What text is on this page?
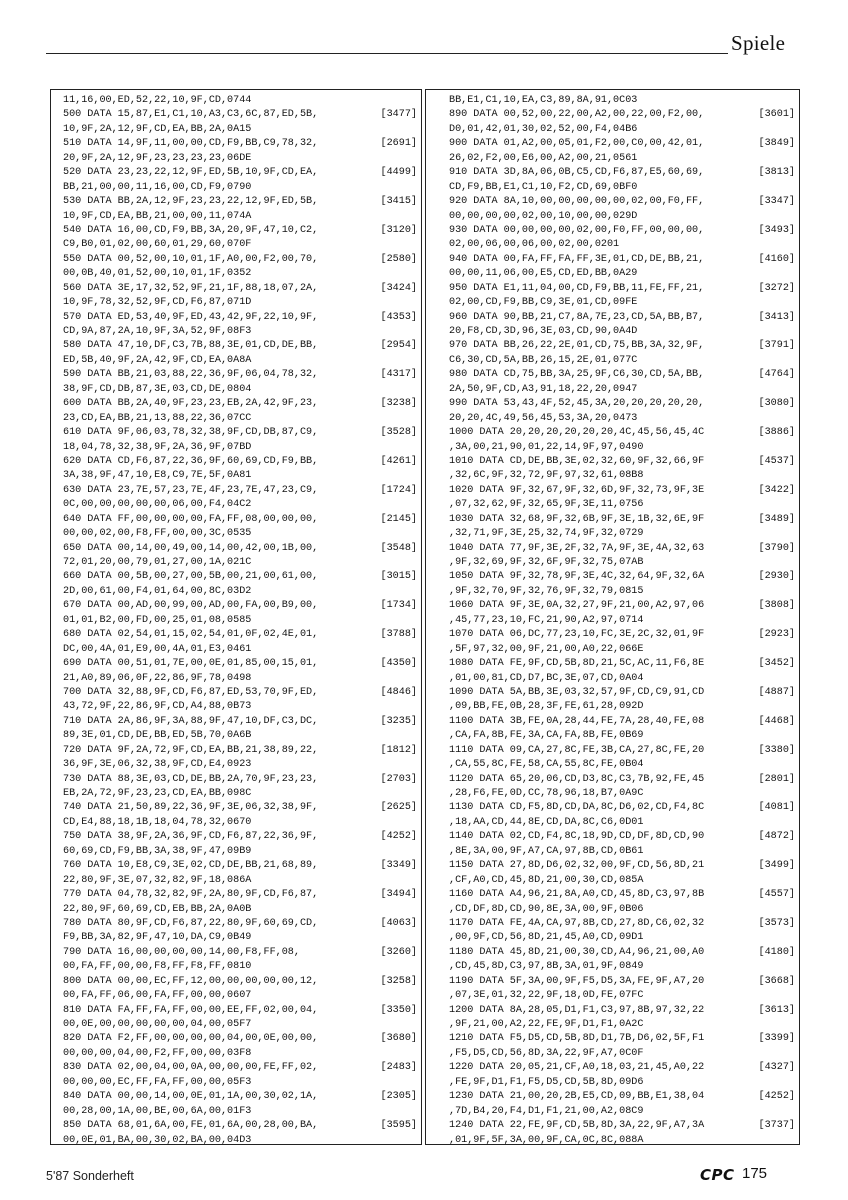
Spiele
11,16,00,ED,52,22,10,9F,CD,0744
500 DATA 15,87,E1,C1,10,A3,C3,6C,87,ED,5B,	[3477]
10,9F,2A,12,9F,CD,EA,BB,2A,0A15
510 DATA 14,9F,11,00,00,CD,F9,BB,C9,78,32,	[2691]
20,9F,2A,12,9F,23,23,23,23,06DE
520 DATA 23,23,22,12,9F,ED,5B,10,9F,CD,EA,	[4499]
BB,21,00,00,11,16,00,CD,F9,0790
530 DATA BB,2A,12,9F,23,23,22,12,9F,ED,5B,	[3415]
10,9F,CD,EA,BB,21,00,00,11,074A
540 DATA 16,00,CD,F9,BB,3A,20,9F,47,10,C2,	[3120]
C9,B0,01,02,00,60,01,29,60,070F
550 DATA 00,52,00,10,01,1F,A0,00,F2,00,70,	[2580]
00,0B,40,01,52,00,10,01,1F,0352
560 DATA 3E,17,32,52,9F,21,1F,88,18,07,2A,	[3424]
10,9F,78,32,52,9F,CD,F6,87,071D
570 DATA ED,53,40,9F,ED,43,42,9F,22,10,9F,	[4353]
CD,9A,87,2A,10,9F,3A,52,9F,08F3
580 DATA 47,10,DF,C3,7B,88,3E,01,CD,DE,BB,	[2954]
ED,5B,40,9F,2A,42,9F,CD,EA,0A8A
590 DATA BB,21,03,88,22,36,9F,06,04,78,32,	[4317]
38,9F,CD,DB,87,3E,03,CD,DE,0804
600 DATA BB,2A,40,9F,23,23,EB,2A,42,9F,23,	[3238]
23,CD,EA,BB,21,13,88,22,36,07CC
610 DATA 9F,06,03,78,32,38,9F,CD,DB,87,C9,	[3528]
18,04,78,32,38,9F,2A,36,9F,07BD
620 DATA CD,F6,87,22,36,9F,60,69,CD,F9,BB,	[4261]
3A,38,9F,47,10,E8,C9,7E,5F,0A81
630 DATA 23,7E,57,23,7E,4F,23,7E,47,23,C9,	[1724]
0C,00,00,00,00,00,06,00,F4,04C2
640 DATA FF,00,00,00,00,FA,FF,08,00,00,00,	[2145]
00,00,02,00,F8,FF,00,00,3C,0535
650 DATA 00,14,00,49,00,14,00,42,00,1B,00,	[3548]
72,01,20,00,79,01,27,00,1A,021C
660 DATA 00,5B,00,27,00,5B,00,21,00,61,00,	[3015]
2D,00,61,00,F4,01,64,00,8C,03D2
670 DATA 00,AD,00,99,00,AD,00,FA,00,B9,00,	[1734]
01,01,B2,00,FD,00,25,01,08,0585
680 DATA 02,54,01,15,02,54,01,0F,02,4E,01,	[3788]
DC,00,4A,01,E9,00,4A,01,E3,0461
690 DATA 00,51,01,7E,00,0E,01,85,00,15,01,	[4350]
21,A0,89,06,0F,22,86,9F,78,0498
700 DATA 32,88,9F,CD,F6,87,ED,53,70,9F,ED,	[4846]
43,72,9F,22,86,9F,CD,A4,88,0B73
710 DATA 2A,86,9F,3A,88,9F,47,10,DF,C3,DC,	[3235]
89,3E,01,CD,DE,BB,ED,5B,70,0A6B
720 DATA 9F,2A,72,9F,CD,EA,BB,21,38,89,22,	[1812]
36,9F,3E,06,32,38,9F,CD,E4,0923
730 DATA 88,3E,03,CD,DE,BB,2A,70,9F,23,23,	[2703]
EB,2A,72,9F,23,23,CD,EA,BB,098C
740 DATA 21,50,89,22,36,9F,3E,06,32,38,9F,	[2625]
CD,E4,88,18,1B,18,04,78,32,0670
750 DATA 38,9F,2A,36,9F,CD,F6,87,22,36,9F,	[4252]
60,69,CD,F9,BB,3A,38,9F,47,09B9
760 DATA 10,E8,C9,3E,02,CD,DE,BB,21,68,89,	[3349]
22,80,9F,3E,07,32,82,9F,18,086A
770 DATA 04,78,32,82,9F,2A,80,9F,CD,F6,87,	[3494]
22,80,9F,60,69,CD,EB,BB,2A,0A0B
780 DATA 80,9F,CD,F6,87,22,80,9F,60,69,CD,	[4063]
F9,BB,3A,82,9F,47,10,DA,C9,0B49
790 DATA 16,00,00,00,00,14,00,F8,FF,08,	[3260]
00,FA,FF,00,00,F8,FF,F8,FF,0810
800 DATA 00,00,EC,FF,12,00,00,00,00,00,12,	[3258]
00,FA,FF,06,00,FA,FF,00,00,0607
810 DATA FA,FF,FA,FF,00,00,EE,FF,02,00,04,	[3350]
00,0E,00,00,00,00,00,04,00,05F7
820 DATA F2,FF,00,00,00,00,04,00,0E,00,00,	[3680]
00,00,00,04,00,F2,FF,00,00,03F8
830 DATA 02,00,04,00,0A,00,00,00,FE,FF,02,	[2483]
00,00,00,EC,FF,FA,FF,00,00,05F3
840 DATA 00,00,14,00,0E,01,1A,00,30,02,1A,	[2305]
00,28,00,1A,00,BE,00,6A,00,01F3
850 DATA 68,01,6A,00,FE,01,6A,00,28,00,BA,	[3595]
00,0E,01,BA,00,30,02,BA,00,04D3
BB,E1,C1,10,EA,C3,89,8A,91,0C03
890 DATA 00,52,00,22,00,A2,00,22,00,F2,00,	[3601]
D0,01,42,01,30,02,52,00,F4,04B6
900 DATA 01,A2,00,05,01,F2,00,C0,00,42,01,	[3849]
26,02,F2,00,E6,00,A2,00,21,0561
910 DATA 3D,8A,06,0B,C5,CD,F6,87,E5,60,69,	[3813]
CD,F9,BB,E1,C1,10,F2,CD,69,0BF0
920 DATA 8A,10,00,00,00,00,00,02,00,F0,FF,	[3347]
00,00,00,00,02,00,10,00,00,029D
930 DATA 00,00,00,00,02,00,F0,FF,00,00,00,	[3493]
02,00,06,00,06,00,02,00,0201
940 DATA 00,FA,FF,FA,FF,3E,01,CD,DE,BB,21,	[4160]
00,00,11,06,00,E5,CD,ED,BB,0A29
950 DATA E1,11,04,00,CD,F9,BB,11,FE,FF,21,	[3272]
02,00,CD,F9,BB,C9,3E,01,CD,09FE
960 DATA 90,BB,21,C7,8A,7E,23,CD,5A,BB,B7,	[3413]
20,F8,CD,3D,96,3E,03,CD,90,0A4D
970 DATA BB,26,22,2E,01,CD,75,BB,3A,32,9F,	[3791]
C6,30,CD,5A,BB,26,15,2E,01,077C
980 DATA CD,75,BB,3A,25,9F,C6,30,CD,5A,BB,	[4764]
2A,50,9F,CD,A3,91,18,22,20,0947
990 DATA 53,43,4F,52,45,3A,20,20,20,20,20,	[3080]
20,20,4C,49,56,45,53,3A,20,0473
1000 DATA 20,20,20,20,20,20,4C,45,56,45,4C	[3886]
,3A,00,21,90,01,22,14,9F,97,0490
1010 DATA CD,DE,BB,3E,02,32,60,9F,32,66,9F	[4537]
,32,6C,9F,32,72,9F,97,32,61,08B8
1020 DATA 9F,32,67,9F,32,6D,9F,32,73,9F,3E	[3422]
,07,32,62,9F,32,65,9F,3E,11,0756
1030 DATA 32,68,9F,32,6B,9F,3E,1B,32,6E,9F	[3489]
,32,71,9F,3E,25,32,74,9F,32,0729
1040 DATA 77,9F,3E,2F,32,7A,9F,3E,4A,32,63	[3790]
,9F,32,69,9F,32,6F,9F,32,75,07AB
1050 DATA 9F,32,78,9F,3E,4C,32,64,9F,32,6A	[2930]
,9F,32,70,9F,32,76,9F,32,79,0815
1060 DATA 9F,3E,0A,32,27,9F,21,00,A2,97,06	[3808]
,45,77,23,10,FC,21,90,A2,97,0714
1070 DATA 06,DC,77,23,10,FC,3E,2C,32,01,9F	[2923]
,5F,97,32,00,9F,21,00,A0,22,066E
1080 DATA FE,9F,CD,5B,8D,21,5C,AC,11,F6,8E	[3452]
,01,00,81,CD,D7,BC,3E,07,CD,0A04
1090 DATA 5A,BB,3E,03,32,57,9F,CD,C9,91,CD	[4887]
,09,BB,FE,0B,28,3F,FE,61,28,092D
1100 DATA 3B,FE,0A,28,44,FE,7A,28,40,FE,08	[4468]
,CA,FA,8B,FE,3A,CA,FA,8B,FE,0B69
1110 DATA 09,CA,27,8C,FE,3B,CA,27,8C,FE,20	[3380]
,CA,55,8C,FE,58,CA,55,8C,FE,0B04
1120 DATA 65,20,06,CD,D3,8C,C3,7B,92,FE,45	[2801]
,28,F6,FE,0D,CC,78,96,18,B7,0A9C
1130 DATA CD,F5,8D,CD,DA,8C,D6,02,CD,F4,8C	[4081]
,18,AA,CD,44,8E,CD,DA,8C,C6,0D01
1140 DATA 02,CD,F4,8C,18,9D,CD,DF,8D,CD,90	[4872]
,8E,3A,00,9F,A7,CA,97,8B,CD,0B61
1150 DATA 27,8D,D6,02,32,00,9F,CD,56,8D,21	[3499]
,CF,A0,CD,45,8D,21,00,30,CD,085A
1160 DATA A4,96,21,8A,A0,CD,45,8D,C3,97,8B	[4557]
,CD,DF,8D,CD,90,8E,3A,00,9F,0B06
1170 DATA FE,4A,CA,97,8B,CD,27,8D,C6,02,32	[3573]
,00,9F,CD,56,8D,21,45,A0,CD,09D1
1180 DATA 45,8D,21,00,30,CD,A4,96,21,00,A0	[4180]
,CD,45,8D,C3,97,8B,3A,01,9F,0849
1190 DATA 5F,3A,00,9F,F5,D5,3A,FE,9F,A7,20	[3668]
,07,3E,01,32,22,9F,18,0D,FE,07FC
1200 DATA 8A,28,05,D1,F1,C3,97,8B,97,32,22	[3613]
,9F,21,00,A2,22,FE,9F,D1,F1,0A2C
1210 DATA F5,D5,CD,5B,8D,D1,7B,D6,02,5F,F1	[3399]
,F5,D5,CD,56,8D,3A,22,9F,A7,0C0F
1220 DATA 20,05,21,CF,A0,18,03,21,45,A0,22	[4327]
,FE,9F,D1,F1,F5,D5,CD,5B,8D,09D6
1230 DATA 21,00,20,2B,E5,CD,09,BB,E1,38,04	[4252]
,7D,B4,20,F4,D1,F1,21,00,A2,08C9
1240 DATA 22,FE,9F,CD,5B,8D,3A,22,9F,A7,3A	[3737]
,01,9F,5F,3A,00,9F,CA,0C,8C,088A

5'87 Sonderheft	CPC 175
